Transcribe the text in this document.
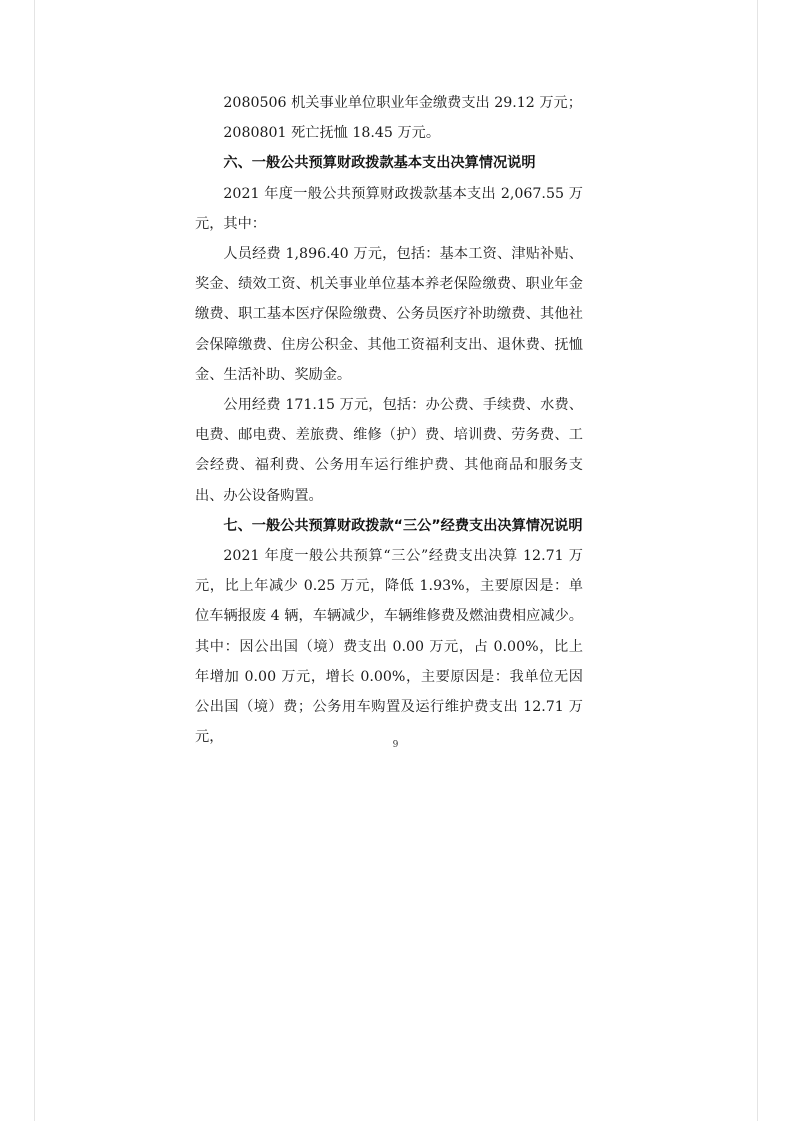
2080506 机关事业单位职业年金缴费支出 29.12 万元；

2080801 死亡抚恤 18.45 万元。

六、一般公共预算财政拨款基本支出决算情况说明

2021 年度一般公共预算财政拨款基本支出 2,067.55 万元，其中：

人员经费 1,896.40 万元，包括：基本工资、津贴补贴、奖金、绩效工资、机关事业单位基本养老保险缴费、职业年金缴费、职工基本医疗保险缴费、公务员医疗补助缴费、其他社会保障缴费、住房公积金、其他工资福利支出、退休费、抚恤金、生活补助、奖励金。

公用经费 171.15 万元，包括：办公费、手续费、水费、电费、邮电费、差旅费、维修（护）费、培训费、劳务费、工会经费、福利费、公务用车运行维护费、其他商品和服务支出、办公设备购置。

七、一般公共预算财政拨款“三公”经费支出决算情况说明

2021 年度一般公共预算“三公”经费支出决算 12.71 万元，比上年减少 0.25 万元，降低 1.93%，主要原因是：单位车辆报废 4 辆，车辆减少，车辆维修费及燃油费相应减少。其中：因公出国（境）费支出 0.00 万元，占 0.00%，比上年增加 0.00 万元，增长 0.00%，主要原因是：我单位无因公出国（境）费；公务用车购置及运行维护费支出 12.71 万元，	9
